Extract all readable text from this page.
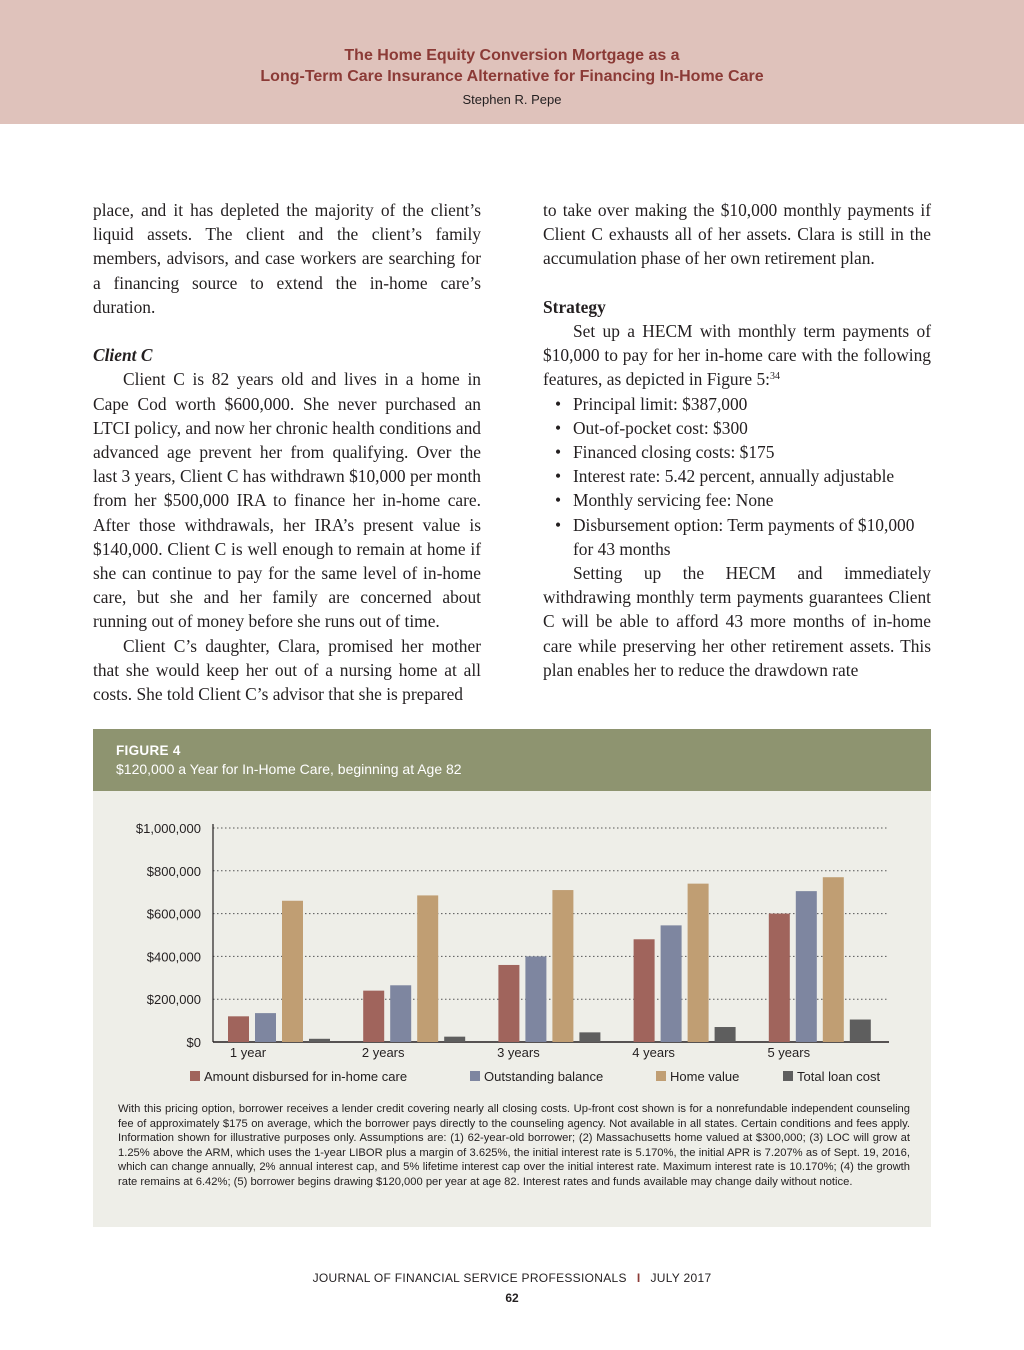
The Home Equity Conversion Mortgage as a
Long-Term Care Insurance Alternative for Financing In-Home Care
Stephen R. Pepe

place, and it has depleted the majority of the client’s liquid assets. The client and the client’s family members, advisors, and case workers are searching for a financing source to extend the in-home care’s duration.

Client C

Client C is 82 years old and lives in a home in Cape Cod worth $600,000. She never purchased an LTCI policy, and now her chronic health conditions and advanced age prevent her from qualifying. Over the last 3 years, Client C has withdrawn $10,000 per month from her $500,000 IRA to finance her in-home care. After those withdrawals, her IRA’s present value is $140,000. Client C is well enough to remain at home if she can continue to pay for the same level of in-home care, but she and her family are concerned about running out of money before she runs out of time.

Client C’s daughter, Clara, promised her mother that she would keep her out of a nursing home at all costs. She told Client C’s advisor that she is prepared

to take over making the $10,000 monthly payments if Client C exhausts all of her assets. Clara is still in the accumulation phase of her own retirement plan.

Strategy

Set up a HECM with monthly term payments of $10,000 to pay for her in-home care with the following features, as depicted in Figure 5:$^{34}$

• Principal limit: $387,000
• Out-of-pocket cost: $300
• Financed closing costs: $175
• Interest rate: 5.42 percent, annually adjustable
• Monthly servicing fee: None
• Disbursement option: Term payments of $10,000 for 43 months

Setting up the HECM and immediately withdrawing monthly term payments guarantees Client C will be able to afford 43 more months of in-home care while preserving her other retirement assets. This plan enables her to reduce the drawdown rate

FIGURE 4
$120,000 a Year for In-Home Care, beginning at Age 82
$0
$200,000
$400,000
$600,000
$800,000
$1,000,000
1 year	2 years	3 years	4 years	5 years
Amount disbursed for in-home care	Outstanding balance	Home value	Total loan cost
With this pricing option, borrower receives a lender credit covering nearly all closing costs. Up-front cost shown is for a nonrefundable independent counseling fee of approximately $175 on average, which the borrower pays directly to the counseling agency. Not available in all states. Certain conditions and fees apply. Information shown for illustrative purposes only. Assumptions are: (1) 62-year-old borrower; (2) Massachusetts home valued at $300,000; (3) LOC will grow at 1.25% above the ARM, which uses the 1-year LIBOR plus a margin of 3.625%, the initial interest rate is 5.170%, the initial APR is 7.207% as of Sept. 19, 2016, which can change annually, 2% annual interest cap, and 5% lifetime interest cap over the initial interest rate. Maximum interest rate is 10.170%; (4) the growth rate remains at 6.42%; (5) borrower begins drawing $120,000 per year at age 82. Interest rates and funds available may change daily without notice.
JOURNAL OF FINANCIAL SERVICE PROFESSIONALS I JULY 2017
62
